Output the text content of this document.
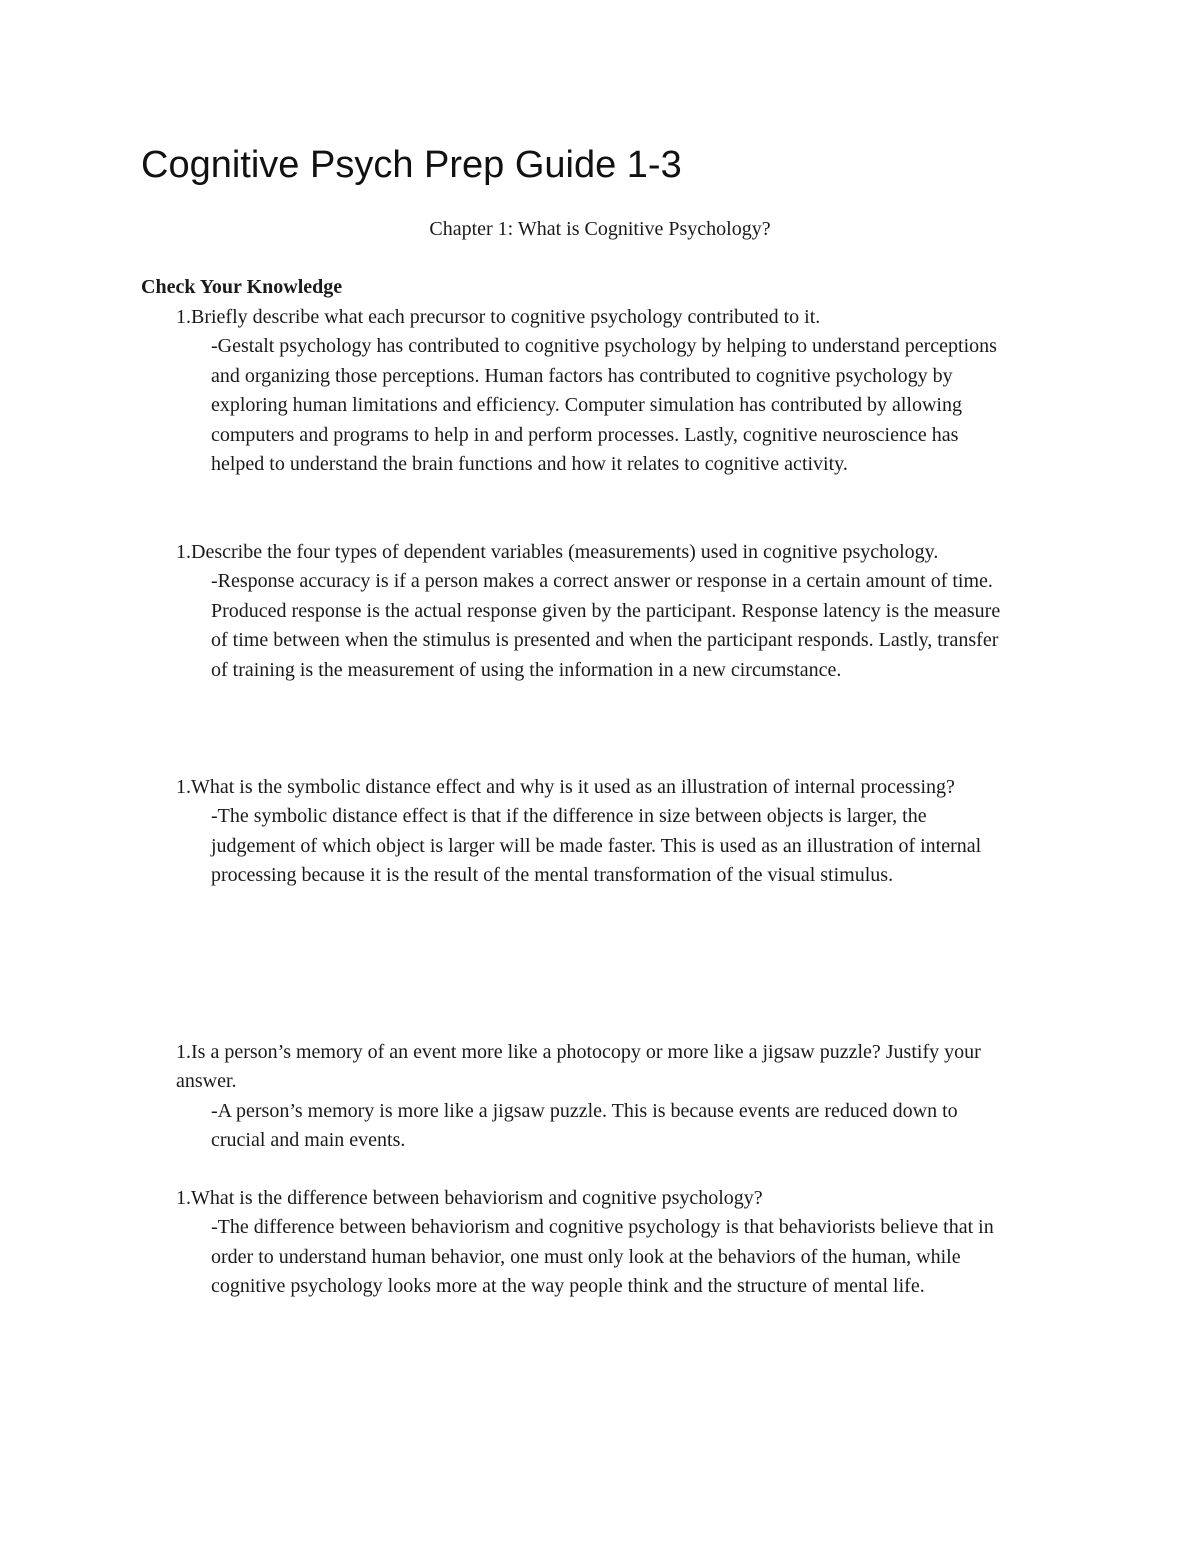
Cognitive Psych Prep Guide 1-3
Chapter 1: What is Cognitive Psychology?
Check Your Knowledge

1.Briefly describe what each precursor to cognitive psychology contributed to it.

-Gestalt psychology has contributed to cognitive psychology by helping to understand perceptions and organizing those perceptions. Human factors has contributed to cognitive psychology by exploring human limitations and efficiency. Computer simulation has contributed by allowing computers and programs to help in and perform processes. Lastly, cognitive neuroscience has helped to understand the brain functions and how it relates to cognitive activity.

1.Describe the four types of dependent variables (measurements) used in cognitive psychology.

-Response accuracy is if a person makes a correct answer or response in a certain amount of time. Produced response is the actual response given by the participant. Response latency is the measure of time between when the stimulus is presented and when the participant responds. Lastly, transfer of training is the measurement of using the information in a new circumstance.

1.What is the symbolic distance effect and why is it used as an illustration of internal processing?

-The symbolic distance effect is that if the difference in size between objects is larger, the judgement of which object is larger will be made faster. This is used as an illustration of internal processing because it is the result of the mental transformation of the visual stimulus.

1.Is a person’s memory of an event more like a photocopy or more like a jigsaw puzzle? Justify your answer.

-A person’s memory is more like a jigsaw puzzle. This is because events are reduced down to crucial and main events.

1.What is the difference between behaviorism and cognitive psychology?

-The difference between behaviorism and cognitive psychology is that behaviorists believe that in order to understand human behavior, one must only look at the behaviors of the human, while cognitive psychology looks more at the way people think and the structure of mental life.
